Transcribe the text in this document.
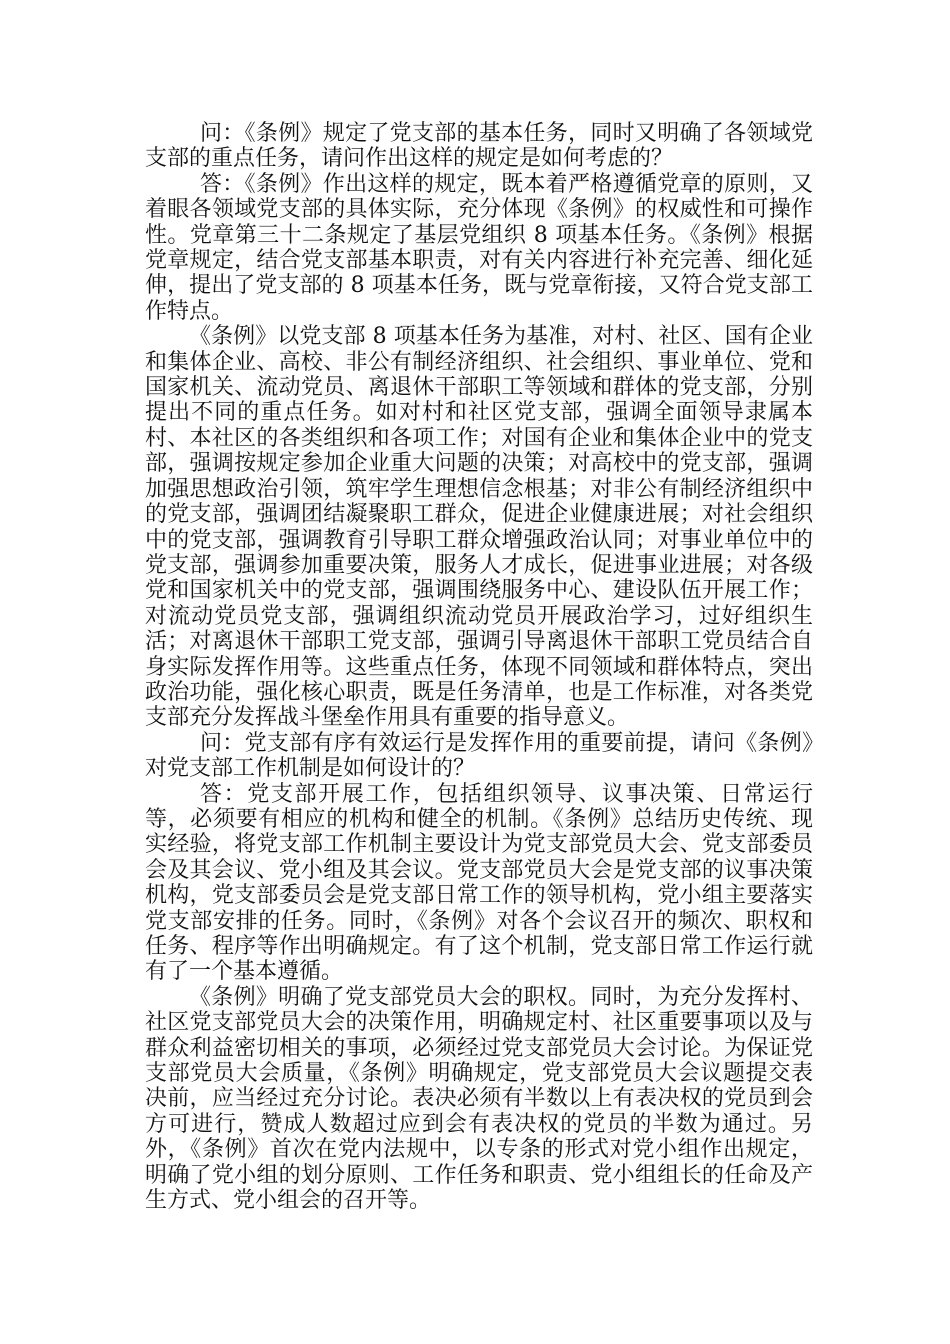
问：《条例》规定了党支部的基本任务，同时又明确了各领域党支部的重点任务，请问作出这样的规定是如何考虑的？

答：《条例》作出这样的规定，既本着严格遵循党章的原则，又着眼各领域党支部的具体实际，充分体现《条例》的权威性和可操作性。党章第三十二条规定了基层党组织 8 项基本任务。《条例》根据党章规定，结合党支部基本职责，对有关内容进行补充完善、细化延伸，提出了党支部的 8 项基本任务，既与党章衔接，又符合党支部工作特点。

《条例》以党支部 8 项基本任务为基准，对村、社区、国有企业和集体企业、高校、非公有制经济组织、社会组织、事业单位、党和国家机关、流动党员、离退休干部职工等领域和群体的党支部，分别提出不同的重点任务。如对村和社区党支部，强调全面领导隶属本村、本社区的各类组织和各项工作；对国有企业和集体企业中的党支部，强调按规定参加企业重大问题的决策；对高校中的党支部，强调加强思想政治引领，筑牢学生理想信念根基；对非公有制经济组织中的党支部，强调团结凝聚职工群众，促进企业健康进展；对社会组织中的党支部，强调教育引导职工群众增强政治认同；对事业单位中的党支部，强调参加重要决策，服务人才成长，促进事业进展；对各级党和国家机关中的党支部，强调围绕服务中心、建设队伍开展工作；对流动党员党支部，强调组织流动党员开展政治学习，过好组织生活；对离退休干部职工党支部，强调引导离退休干部职工党员结合自身实际发挥作用等。这些重点任务，体现不同领域和群体特点，突出政治功能，强化核心职责，既是任务清单，也是工作标准，对各类党支部充分发挥战斗堡垒作用具有重要的指导意义。

问：党支部有序有效运行是发挥作用的重要前提，请问《条例》对党支部工作机制是如何设计的？

答：党支部开展工作，包括组织领导、议事决策、日常运行等，必须要有相应的机构和健全的机制。《条例》总结历史传统、现实经验，将党支部工作机制主要设计为党支部党员大会、党支部委员会及其会议、党小组及其会议。党支部党员大会是党支部的议事决策机构，党支部委员会是党支部日常工作的领导机构，党小组主要落实党支部安排的任务。同时，《条例》对各个会议召开的频次、职权和任务、程序等作出明确规定。有了这个机制，党支部日常工作运行就有了一个基本遵循。

《条例》明确了党支部党员大会的职权。同时，为充分发挥村、社区党支部党员大会的决策作用，明确规定村、社区重要事项以及与群众利益密切相关的事项，必须经过党支部党员大会讨论。为保证党支部党员大会质量，《条例》明确规定，党支部党员大会议题提交表决前，应当经过充分讨论。表决必须有半数以上有表决权的党员到会方可进行，赞成人数超过应到会有表决权的党员的半数为通过。另外，《条例》首次在党内法规中，以专条的形式对党小组作出规定，明确了党小组的划分原则、工作任务和职责、党小组组长的任命及产生方式、党小组会的召开等。
